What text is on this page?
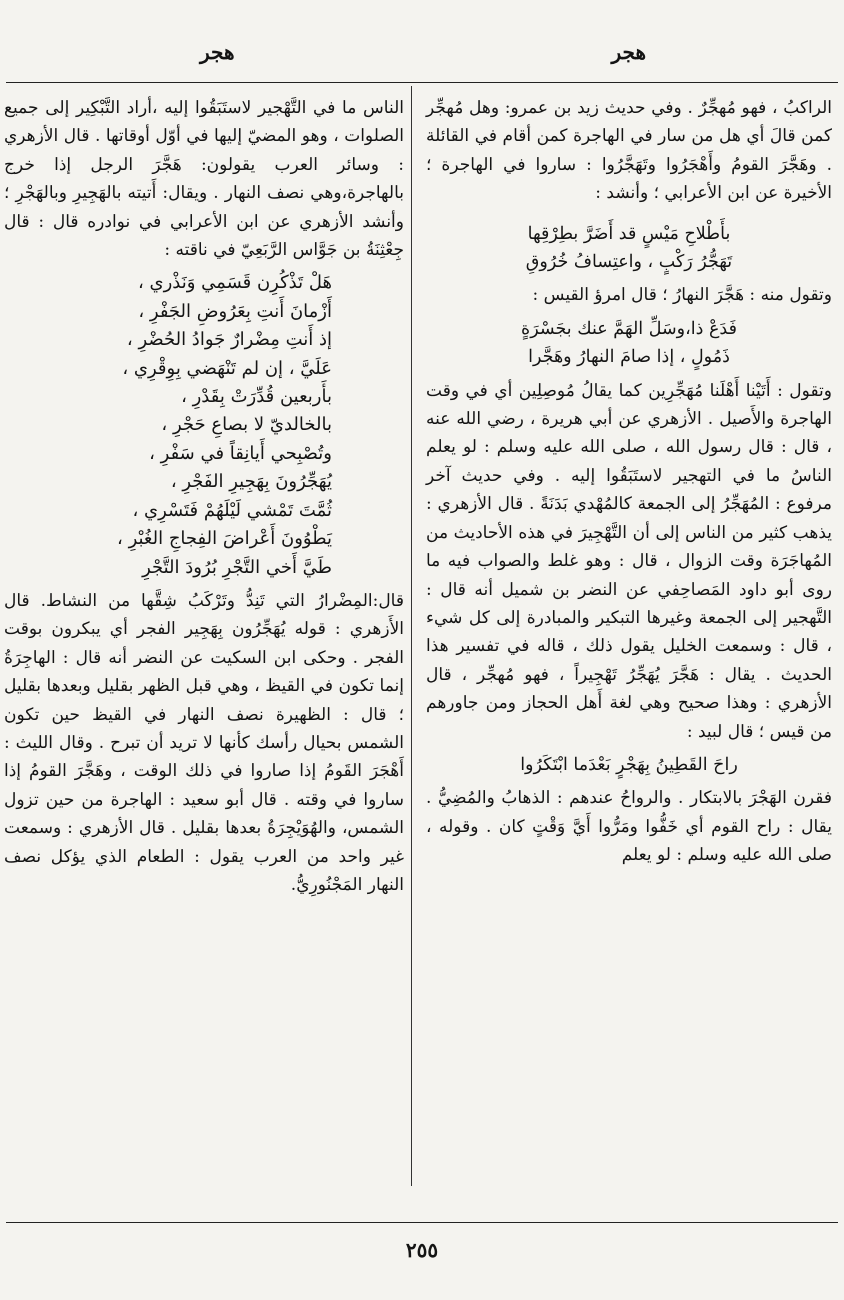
هجر
هجر

الراكبُ ، فهو مُهجِّرٌ . وفي حديث زيد بن عمرو: وهل مُهجِّر كمن قالَ أي هل من سار في الهاجرة كمن أقام في القائلة . وهَجَّرَ القومُ وأَهْجَرُوا وتَهَجَّرُوا : ساروا في الهاجرة ؛ الأخيرة عن ابن الأعرابي ؛ وأنشد :

بأَطْلاحِ مَيْسٍ قد أَضَرَّ بطِرْقِها

تَهَجُّرُ رَكْبٍ ، واعتِسافُ خُرُوقِ

وتقول منه : هَجَّرَ النهارُ ؛ قال امرؤ القيس :

فَدَعْ ذا،وسَلِّ الهَمَّ عنك بجَسْرَةٍ

ذَمُولٍ ، إذا صامَ النهارُ وهَجَّرا

وتقول : أَتَيْنا أَهْلَنا مُهَجِّرِين كما يقالُ مُوصِلِين أي في وقت الهاجرة والأَصيل . الأزهري عن أبي هريرة ، رضي الله عنه ، قال : قال رسول الله ، صلى الله عليه وسلم : لو يعلم الناسُ ما في التهجير لاستَبَقُوا إليه . وفي حديث آخر مرفوع : المُهَجِّرُ إلى الجمعة كالمُهْدي بَدَنَةً . قال الأزهري : يذهب كثير من الناس إلى أن التَّهْجِيرَ في هذه الأحاديث من المُهاجَرَة وقت الزوال ، قال : وهو غلط والصواب فيه ما روى أبو داود المَصاحِفي عن النضر بن شميل أنه قال : التَّهجير إلى الجمعة وغيرها التبكير والمبادرة إلى كل شيء ، قال : وسمعت الخليل يقول ذلك ، قاله في تفسير هذا الحديث . يقال : هَجَّرَ يُهَجِّرُ تَهْجِيراً ، فهو مُهجِّر ، قال الأزهري : وهذا صحيح وهي لغة أَهل الحجاز ومن جاورهم من قيس ؛ قال لبيد :

راحَ القَطِينُ بِهَجْرٍ بَعْدَما ابْتَكَرُوا

فقرن الهَجْرَ بالابتكار . والرواحُ عندهم : الذهابُ والمُضِيُّ . يقال : راح القوم أي خَفُّوا ومَرُّوا أَيَّ وَقْتٍ كان . وقوله ، صلى الله عليه وسلم : لو يعلم

الناس ما في التَّهْجير لاستَبَقُوا إليه ،أراد التَّبْكِير إلى جميع الصلوات ، وهو المضيّ إليها في أوّل أوقاتها . قال الأزهري : وسائر العرب يقولون: هَجَّرَ الرجل إذا خرج بالهاجرة،وهي نصف النهار . ويقال: أَتيته بالهَجِيرِ وبالهَجْرِ ؛ وأنشد الأزهري عن ابن الأعرابي في نوادره قال : قال جِعْثِنَةُ بن جَوَّاس الرَّبَعِيّ في ناقته :

هَلْ تَذْكُرِن قَسَمِي وَنَذْري ،

أَزْمانَ أَنتِ بِعَرُوضِ الجَفْرِ ،

إذ أَنتِ مِضْرارٌ جَوادُ الحُضْرِ ،

عَلَيَّ ، إن لم تَنْهَضي بِوِقْرِي ،

بأَربعين قُدِّرَتْ بِقَدْرِ ،

بالخالديّ لا بصاعِ حَجْرِ ،

وتُصْبِحي أَيانِقاً في سَفْرِ ،

يُهَجِّرُونَ بِهَجِيرِ الفَجْرِ ،

ثُمَّتَ تَمْشي لَيْلَهُمْ فَتَسْرِي ،

يَطْوُونَ أَعْراضَ الفِجاجِ الغُبْرِ ،

طَيَّ أَخي التَّجْرِ بُرُودَ التَّجْرِ

قال:المِضْرارُ التي تَنِدُّ وتَرْكَبُ شِقَّها من النشاط. قال الأَزهري : قوله يُهَجِّرُون بِهَجِير الفجر أي يبكرون بوقت الفجر . وحكى ابن السكيت عن النضر أنه قال : الهاجِرَةُ إنما تكون في القيظ ، وهي قبل الظهر بقليل وبعدها بقليل ؛ قال : الظهيرة نصف النهار في القيظ حين تكون الشمس بحيال رأسك كأنها لا تريد أن تبرح . وقال الليث : أَهْجَرَ القَومُ إذا صاروا في ذلك الوقت ، وهَجَّرَ القومُ إذا ساروا في وقته . قال أبو سعيد : الهاجرة من حين تزول الشمس، والهُوَيْجِرَةُ بعدها بقليل . قال الأزهري : وسمعت غير واحد من العرب يقول : الطعام الذي يؤكل نصف النهار المَجْنُورِيُّ.

٢٥٥
